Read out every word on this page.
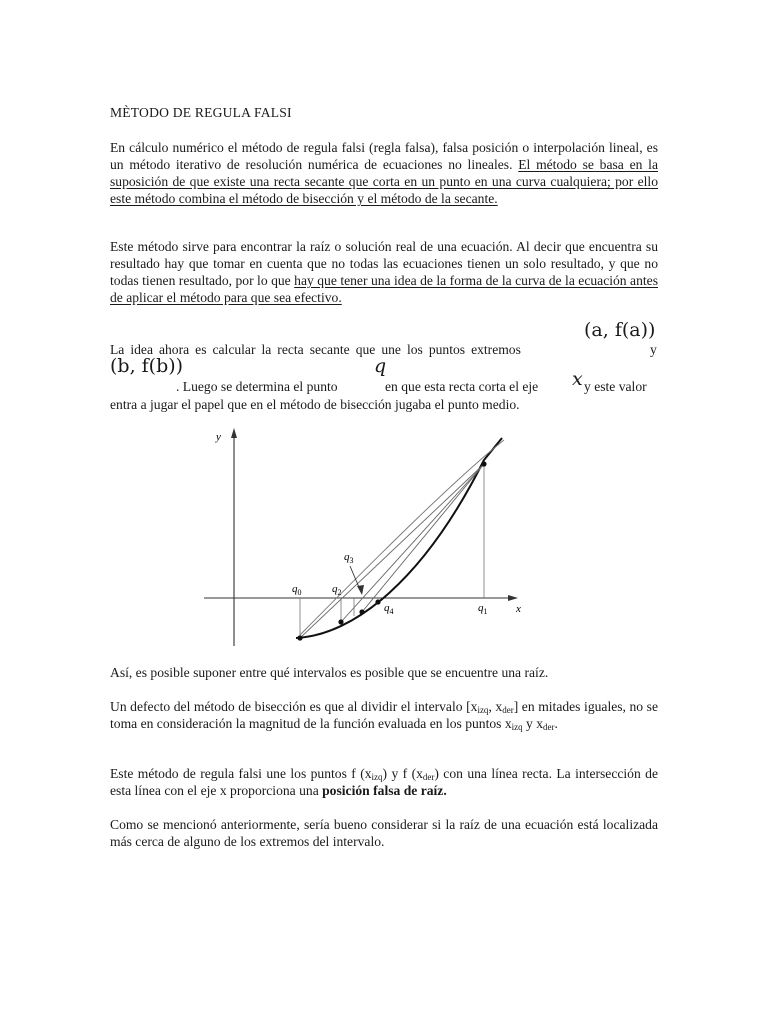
MÈTODO DE REGULA FALSI
En cálculo numérico el método de regula falsi (regla falsa), falsa posición o interpolación lineal, es un método iterativo de resolución numérica de ecuaciones no lineales. El método se basa en la suposición de que existe una recta secante que corta en un punto en una curva cualquiera; por ello este método combina el método de bisección y el método de la secante.
Este método sirve para encontrar la raíz o solución real de una ecuación. Al decir que encuentra su resultado hay que tomar en cuenta que no todas las ecuaciones tienen un solo resultado, y que no todas tienen resultado, por lo que hay que tener una idea de la forma de la curva de la ecuación antes de aplicar el método para que sea efectivo.
La idea ahora es calcular la recta secante que une los puntos extremos
(a, f(a))
y
(b, f(b))
. Luego se determina el punto
q
en que esta recta corta el eje x y este valor
entra a jugar el papel que en el método de bisección jugaba el punto medio.
y
x
$q_0$	$q_2$
$q_3$
$q_4$	$q_1$
Así, es posible suponer entre qué intervalos es posible que se encuentre una raíz.
Un defecto del método de bisección es que al dividir el intervalo [$x_{izq}$, $x_{der}$] en mitades iguales, no se toma en consideración la magnitud de la función evaluada en los puntos $x_{izq}$ y $x_{der}$.
Este método de regula falsi une los puntos f $(x_{izq})$ y f $(x_{der})$ con una línea recta. La intersección de esta línea con el eje x proporciona una posición falsa de raíz.
Como se mencionó anteriormente, sería bueno considerar si la raíz de una ecuación está localizada más cerca de alguno de los extremos del intervalo.
